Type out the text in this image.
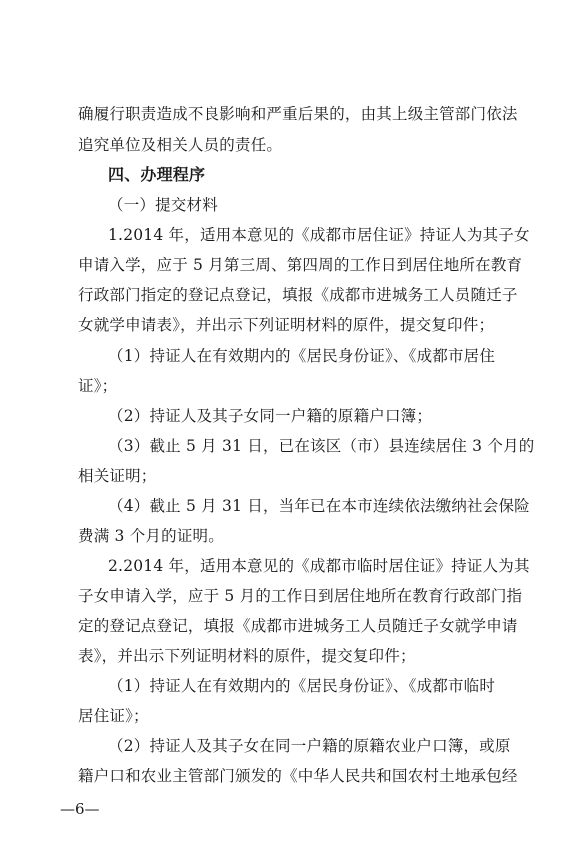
确履行职责造成不良影响和严重后果的，由其上级主管部门依法
追究单位及相关人员的责任。
四、办理程序
（一）提交材料
1.2014 年，适用本意见的《成都市居住证》持证人为其子女
申请入学，应于 5 月第三周、第四周的工作日到居住地所在教育
行政部门指定的登记点登记，填报《成都市进城务工人员随迁子
女就学申请表》，并出示下列证明材料的原件，提交复印件；
（1）持证人在有效期内的《居民身份证》、《成都市居住
证》；
（2）持证人及其子女同一户籍的原籍户口簿；
（3）截止 5 月 31 日，已在该区（市）县连续居住 3 个月的
相关证明；
（4）截止 5 月 31 日，当年已在本市连续依法缴纳社会保险
费满 3 个月的证明。
2.2014 年，适用本意见的《成都市临时居住证》持证人为其
子女申请入学，应于 5 月的工作日到居住地所在教育行政部门指
定的登记点登记，填报《成都市进城务工人员随迁子女就学申请
表》，并出示下列证明材料的原件，提交复印件；
（1）持证人在有效期内的《居民身份证》、《成都市临时
居住证》；
（2）持证人及其子女在同一户籍的原籍农业户口簿，或原
籍户口和农业主管部门颁发的《中华人民共和国农村土地承包经
—6—
